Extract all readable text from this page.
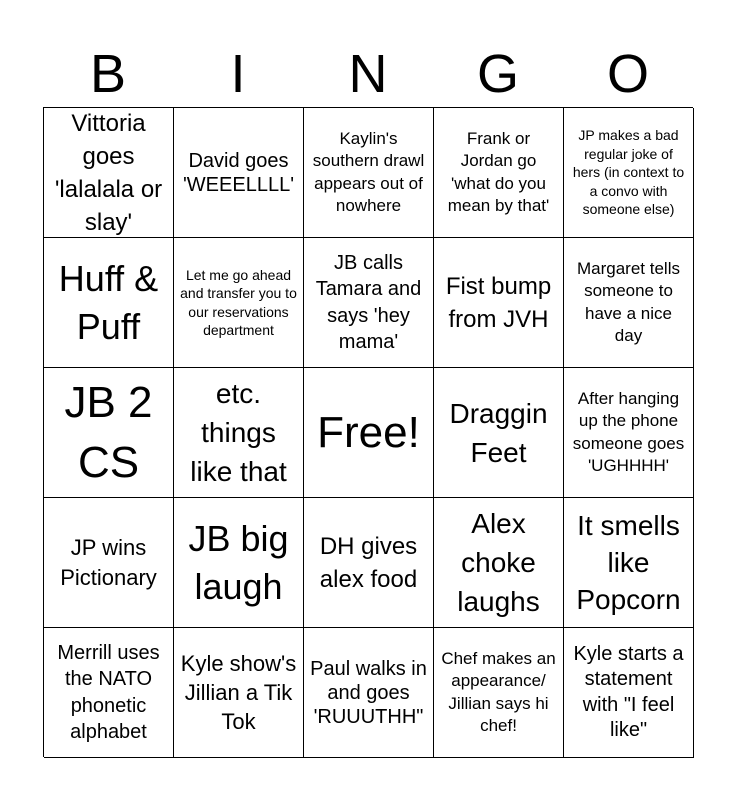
B	I	N	G	O
Vittoria goes 'lalalala or slay'
David goes 'WEEELLLL'
Kaylin's southern drawl appears out of nowhere
Frank or Jordan go 'what do you mean by that'
JP makes a bad regular joke of hers (in context to a convo with someone else)
Huff & Puff
Let me go ahead and transfer you to our reservations department
JB calls Tamara and says 'hey mama'
Fist bump from JVH
Margaret tells someone to have a nice day
JB 2 CS
etc. things like that
Free!	Draggin Feet
After hanging up the phone someone goes 'UGHHHH'
JP wins Pictionary
JB big laugh
DH gives alex food
Alex choke laughs
It smells like Popcorn
Merrill uses the NATO phonetic alphabet
Kyle show's Jillian a Tik Tok
Paul walks in and goes 'RUUUTHH"
Chef makes an appearance/ Jillian says hi chef!
Kyle starts a statement with "I feel like"
